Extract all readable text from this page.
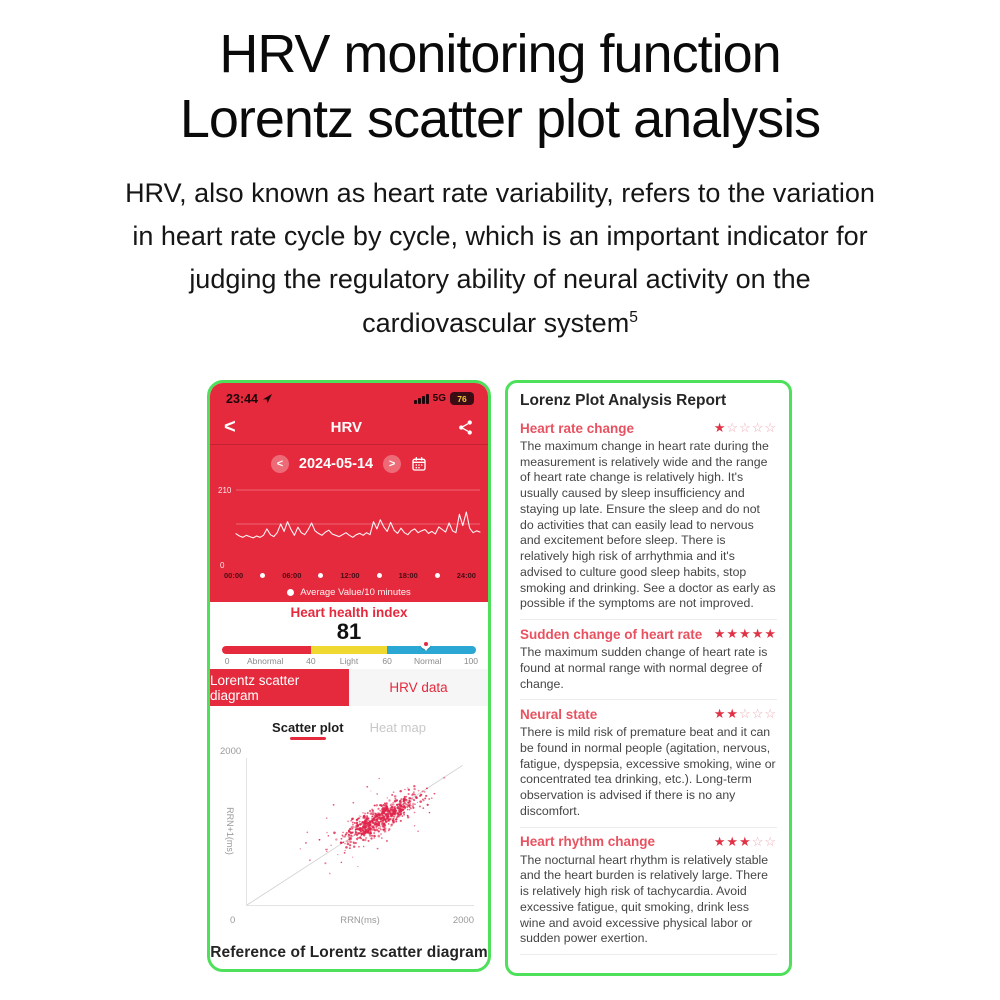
HRV monitoring function
Lorentz scatter plot analysis

HRV, also known as heart rate variability, refers to the variation in heart rate cycle by cycle, which is an important indicator for judging the regulatory ability of neural activity on the cardiovascular system$^5$

23:44	5G	76
<	HRV
<	2024-05-14	>
210
0
00:00	06:00	12:00	18:00	24:00
Average Value/10 minutes
Heart health index
81
0 Abnormal	40	Light	60	Normal	100
Lorentz scatter diagram	HRV data
Scatter plot Heat map
2000
RRN+1(ms)
0	RRN(ms)	2000
Reference of Lorentz scatter diagram
Lorenz Plot Analysis Report
Heart rate change	★☆☆☆☆
The maximum change in heart rate during the measurement is relatively wide and the range of heart rate change is relatively high. It's usually caused by sleep insufficiency and staying up late. Ensure the sleep and do not do activities that can easily lead to nervous and excitement before sleep. There is relatively high risk of arrhythmia and it's advised to culture good sleep habits, stop smoking and drinking. See a doctor as early as possible if the symptoms are not improved.
Sudden change of heart rate ★★★★★
The maximum sudden change of heart rate is found at normal range with normal degree of change.
Neural state	★★☆☆☆
There is mild risk of premature beat and it can be found in normal people (agitation, nervous, fatigue, dyspepsia, excessive smoking, wine or concentrated tea drinking, etc.). Long-term observation is advised if there is no any discomfort.
Heart rhythm change	★★★☆☆
The nocturnal heart rhythm is relatively stable and the heart burden is relatively large. There is relatively high risk of tachycardia. Avoid excessive fatigue, quit smoking, drink less wine and avoid excessive physical labor or sudden power exertion.
